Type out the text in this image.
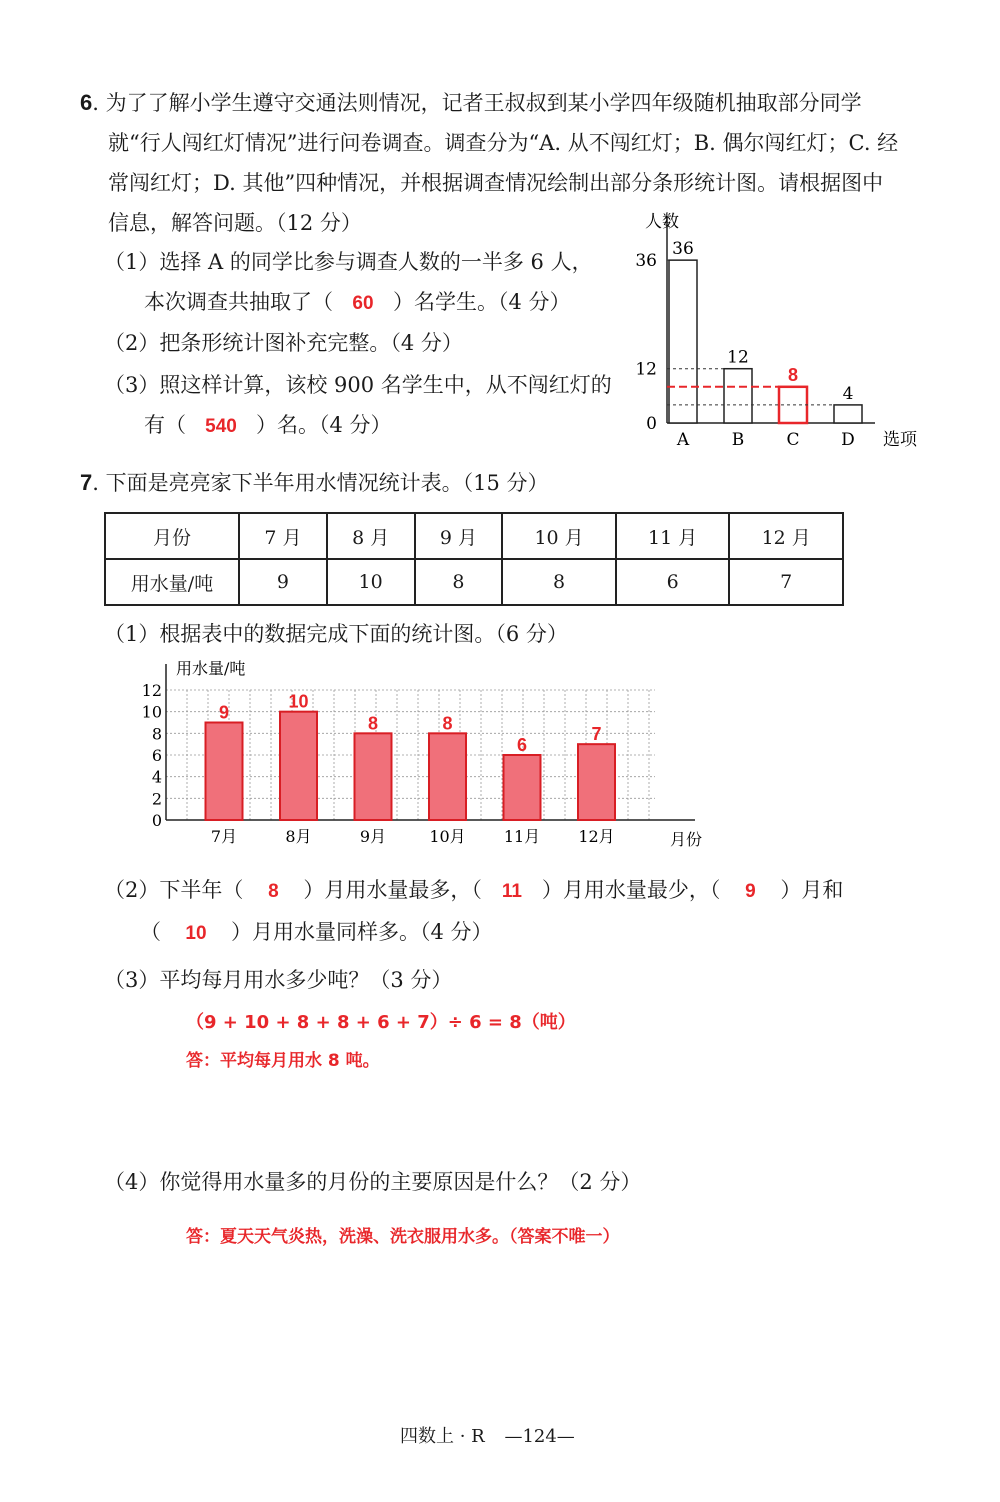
6. 为了了解小学生遵守交通法则情况，记者王叔叔到某小学四年级随机抽取部分同学
就“行人闯红灯情况”进行问卷调查。调查分为“A. 从不闯红灯；B. 偶尔闯红灯；C. 经
常闯红灯；D. 其他”四种情况，并根据调查情况绘制出部分条形统计图。请根据图中
信息，解答问题。（12 分）
（1）选择 A 的同学比参与调查人数的一半多 6 人，
本次调查共抽取了（ 60 ）名学生。（4 分）
（2）把条形统计图补充完整。（4 分）
（3）照这样计算，该校 900 名学生中，从不闯红灯的
有（ 540 ）名。（4 分）
人数
选项
0
12
36
36
A
12
B
8
C
4
D
7. 下面是亮亮家下半年用水情况统计表。（15 分）
月份	7 月	8 月	9 月	10 月	11 月	12 月
用水量/吨	9	10	8	8	6	7
（1）根据表中的数据完成下面的统计图。（6 分）
用水量/吨
月份
0
2
4
6
8
10
12
9
7月
10
8月
8
9月
8
10月
6
11月
7
12月
（2）下半年（ 8 ）月用水量最多，（ 11 ）月用水量最少，（ 9 ）月和
（ 10 ）月用水量同样多。（4 分）
（3）平均每月用水多少吨？（3 分）
（9 + 10 + 8 + 8 + 6 + 7）÷ 6 = 8（吨）
答：平均每月用水 8 吨。
（4）你觉得用水量多的月份的主要原因是什么？（2 分）
答：夏天天气炎热，洗澡、洗衣服用水多。（答案不唯一）
四数上 · R —124—
